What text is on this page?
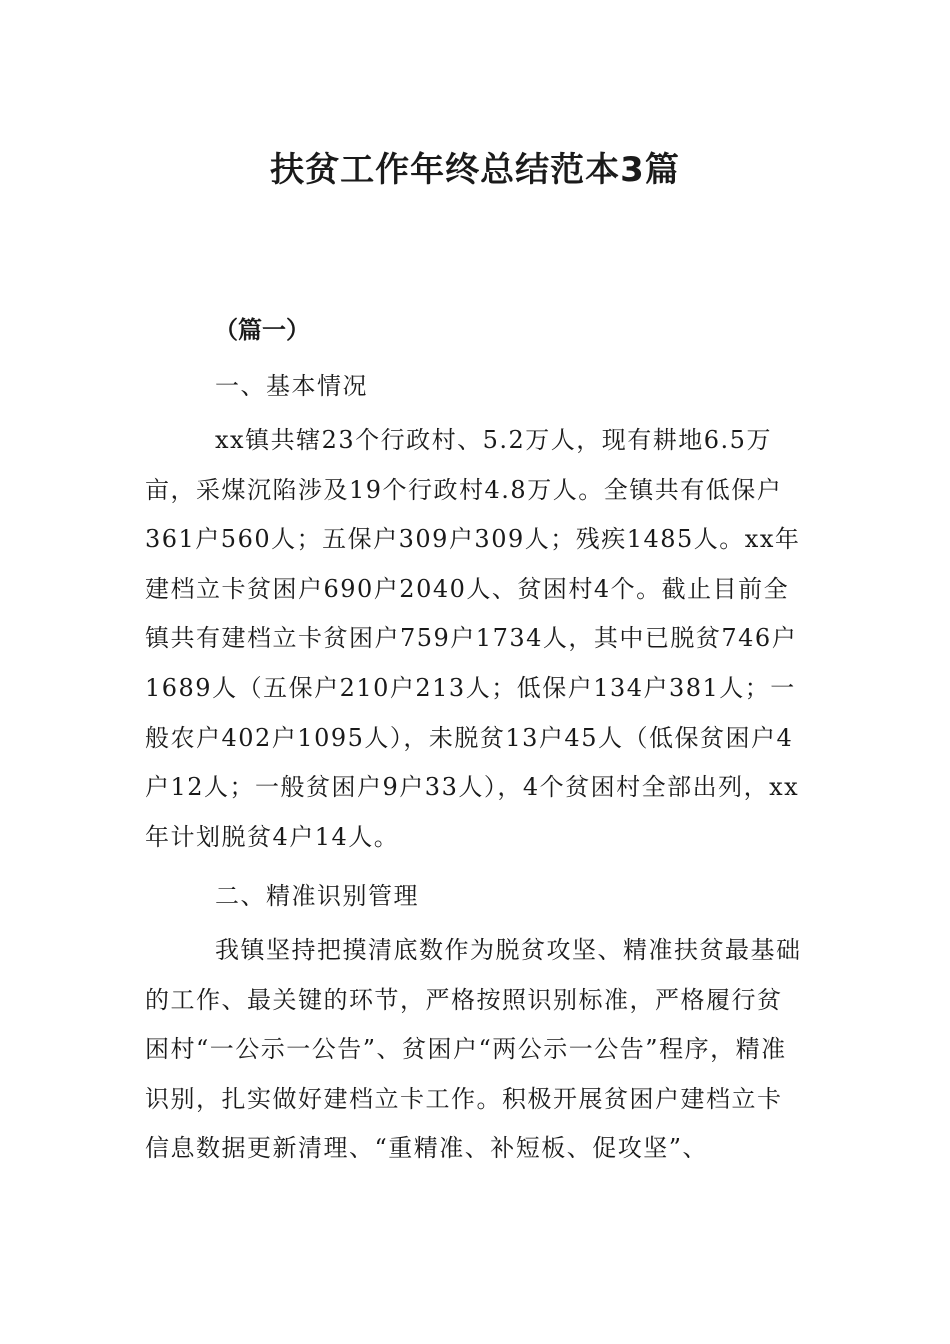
扶贫工作年终总结范本3篇
（篇一）

一、基本情况

xx镇共辖23个行政村、5.2万人，现有耕地6.5万亩，采煤沉陷涉及19个行政村4.8万人。全镇共有低保户361户560人；五保户309户309人；残疾1485人。xx年建档立卡贫困户690户2040人、贫困村4个。截止目前全镇共有建档立卡贫困户759户1734人，其中已脱贫746户1689人（五保户210户213人；低保户134户381人；一般农户402户1095人），未脱贫13户45人（低保贫困户4户12人；一般贫困户9户33人），4个贫困村全部出列，xx年计划脱贫4户14人。

二、精准识别管理

我镇坚持把摸清底数作为脱贫攻坚、精准扶贫最基础的工作、最关键的环节，严格按照识别标准，严格履行贫困村“一公示一公告”、贫困户“两公示一公告”程序，精准识别，扎实做好建档立卡工作。积极开展贫困户建档立卡信息数据更新清理、“重精准、补短板、促攻坚”、
